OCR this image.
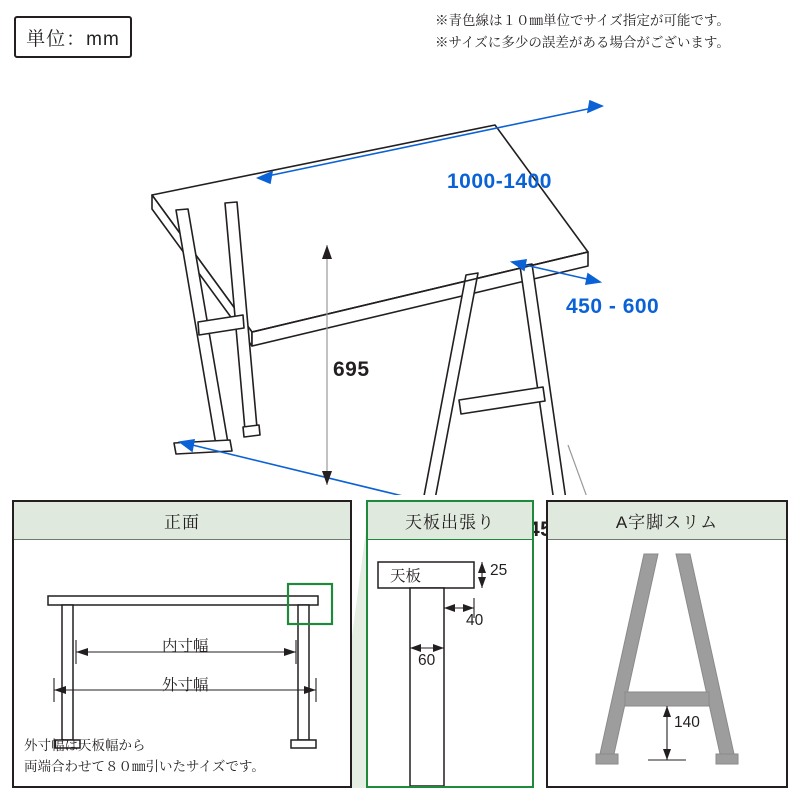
単位：mm
※青色線は１０㎜単位でサイズ指定が可能です。
※サイズに多少の誤差がある場合がございます。
1000-1400
450 - 600
695
正面
内寸幅
外寸幅
外寸幅は天板幅から
両端合わせて８０㎜引いたサイズです。
天板出張り
天板	25
40
60
A字脚スリム
140
